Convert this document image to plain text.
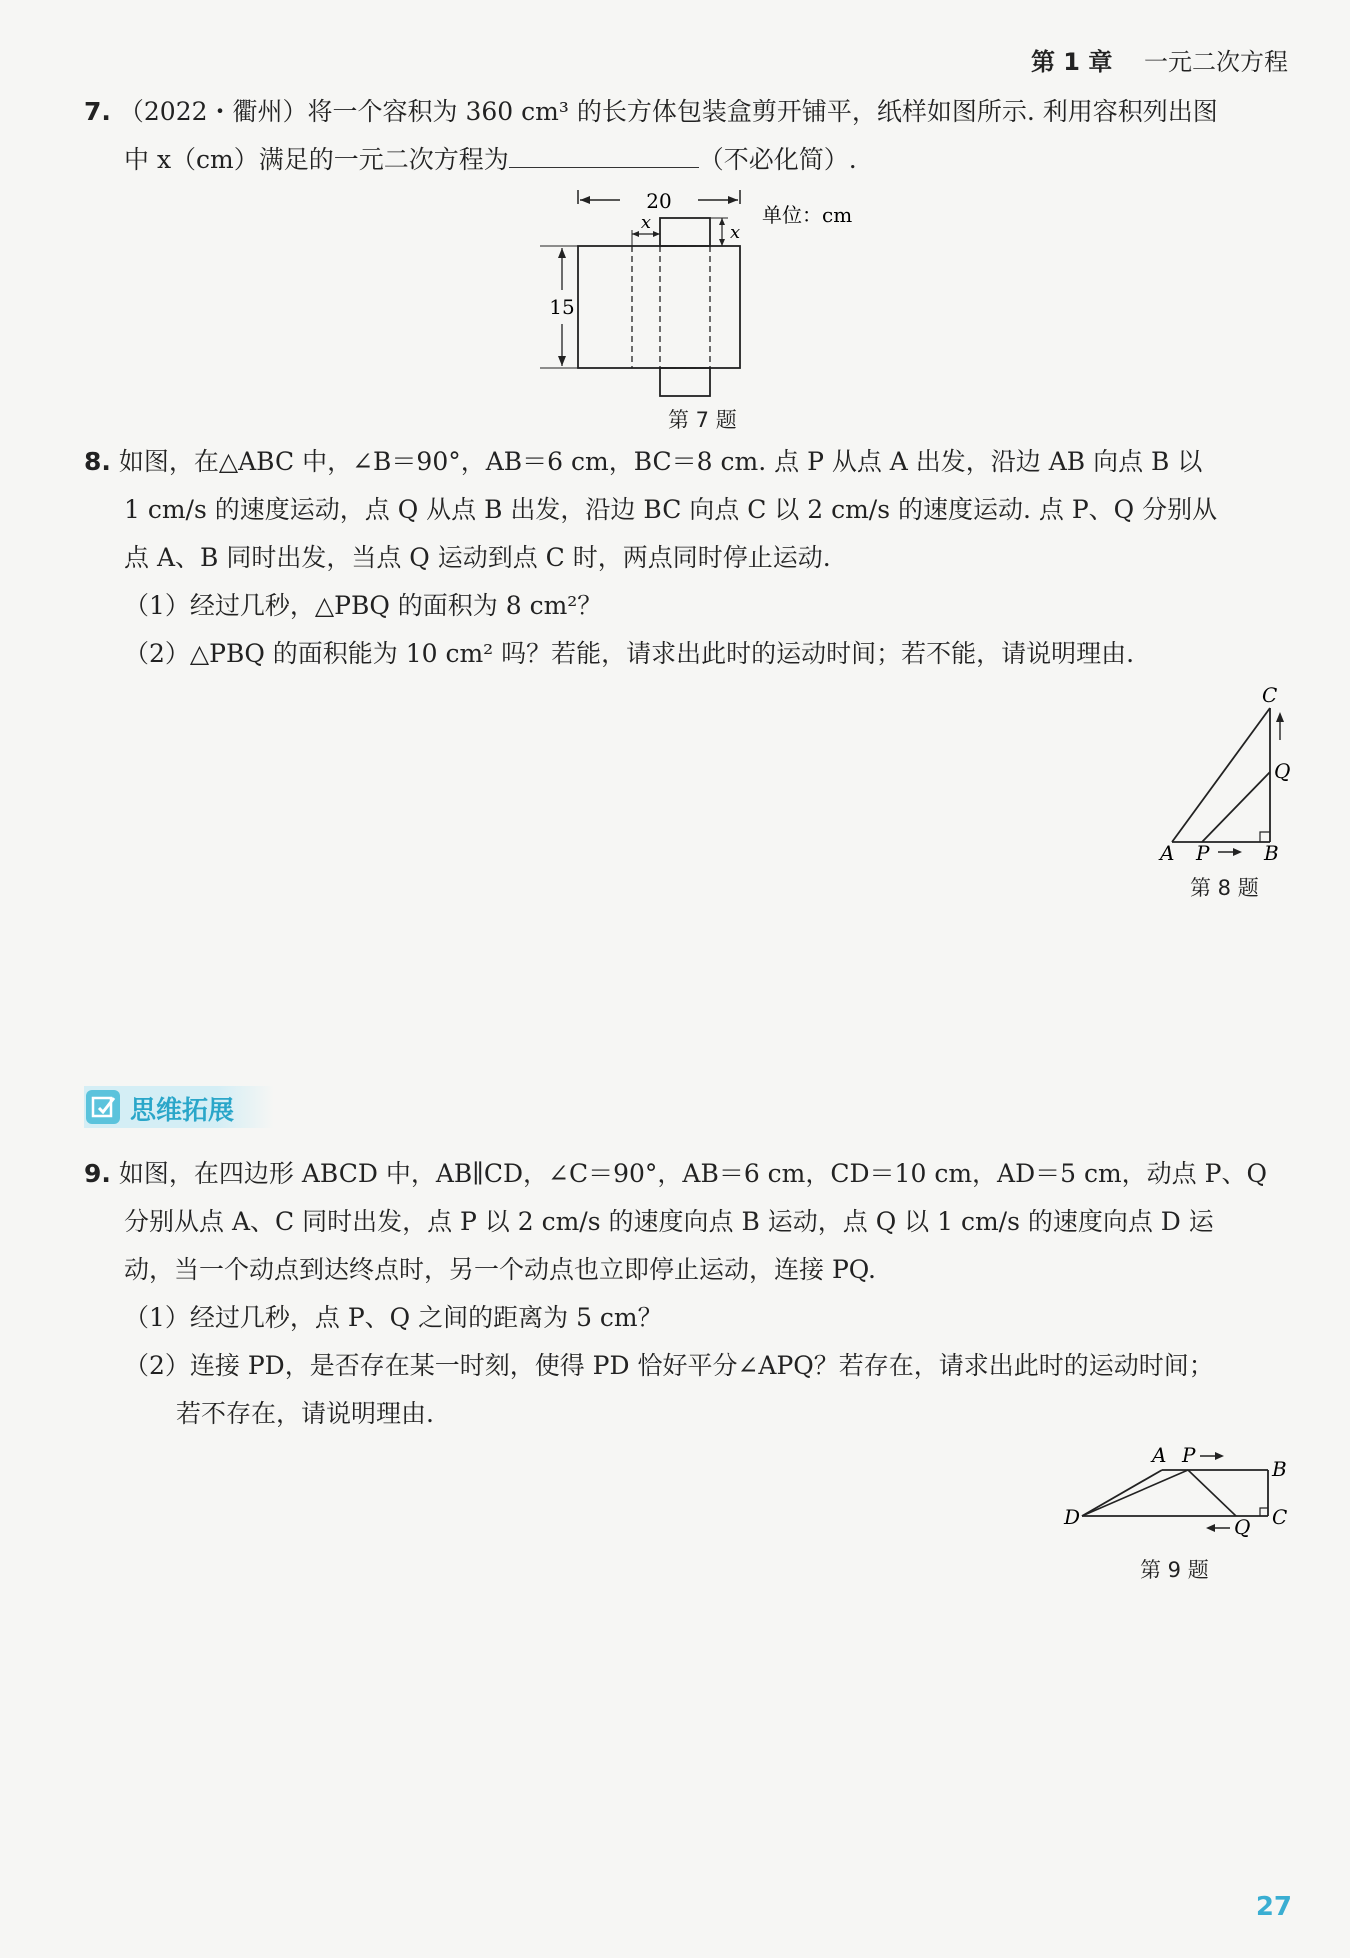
第 1 章 一元二次方程
7. （2022・衢州）将一个容积为 360 cm³ 的长方体包装盒剪开铺平，纸样如图所示. 利用容积列出图
中 x（cm）满足的一元二次方程为	（不必化简）.
20
x	x
15
单位：cm
第 7 题
8. 如图，在△ABC 中，∠B＝90°，AB＝6 cm，BC＝8 cm. 点 P 从点 A 出发，沿边 AB 向点 B 以
1 cm/s 的速度运动，点 Q 从点 B 出发，沿边 BC 向点 C 以 2 cm/s 的速度运动. 点 P、Q 分别从
点 A、B 同时出发，当点 Q 运动到点 C 时，两点同时停止运动.
（1）经过几秒，△PBQ 的面积为 8 cm²？
（2）△PBQ 的面积能为 10 cm² 吗？若能，请求出此时的运动时间；若不能，请说明理由.
C
Q
A P	B
第 8 题
思维拓展
9. 如图，在四边形 ABCD 中，AB∥CD，∠C＝90°，AB＝6 cm，CD＝10 cm，AD＝5 cm，动点 P、Q
分别从点 A、C 同时出发，点 P 以 2 cm/s 的速度向点 B 运动，点 Q 以 1 cm/s 的速度向点 D 运
动，当一个动点到达终点时，另一个动点也立即停止运动，连接 PQ.
（1）经过几秒，点 P、Q 之间的距离为 5 cm？
（2）连接 PD，是否存在某一时刻，使得 PD 恰好平分∠APQ？若存在，请求出此时的运动时间；
若不存在，请说明理由.
A P
B
C
Q
D
第 9 题
27
